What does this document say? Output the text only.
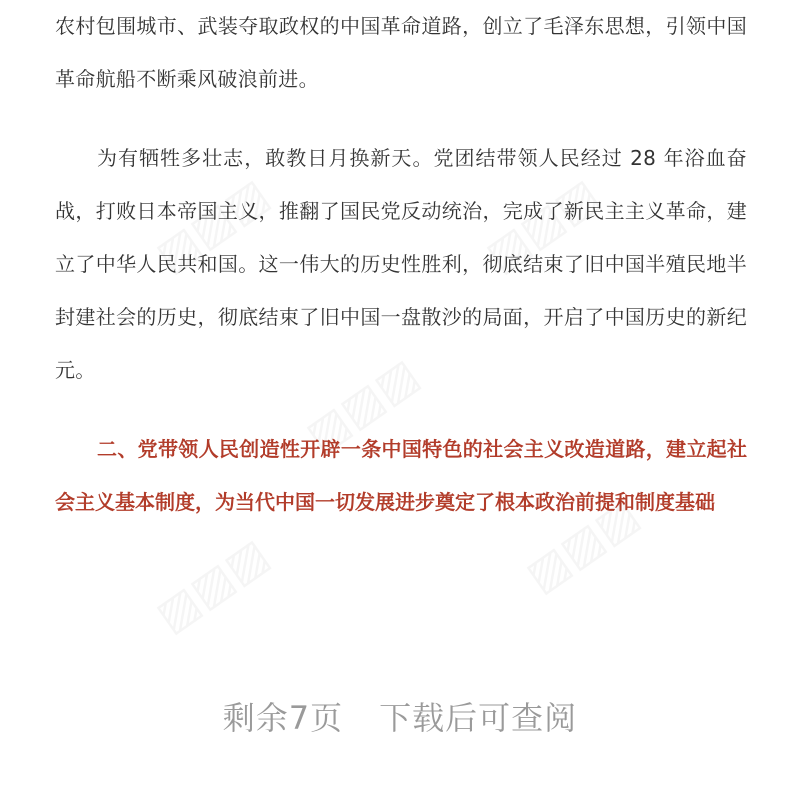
▨▨▨	▨▨▨
▨▨▨
▨▨▨	▨▨▨

农村包围城市、武装夺取政权的中国革命道路，创立了毛泽东思想，引领中国革命航船不断乘风破浪前进。

为有牺牲多壮志，敢教日月换新天。党团结带领人民经过 28 年浴血奋战，打败日本帝国主义，推翻了国民党反动统治，完成了新民主主义革命，建立了中华人民共和国。这一伟大的历史性胜利，彻底结束了旧中国半殖民地半封建社会的历史，彻底结束了旧中国一盘散沙的局面，开启了中国历史的新纪元。

二、党带领人民创造性开辟一条中国特色的社会主义改造道路，建立起社会主义基本制度，为当代中国一切发展进步奠定了根本政治前提和制度基础

剩余7页 下载后可查阅
